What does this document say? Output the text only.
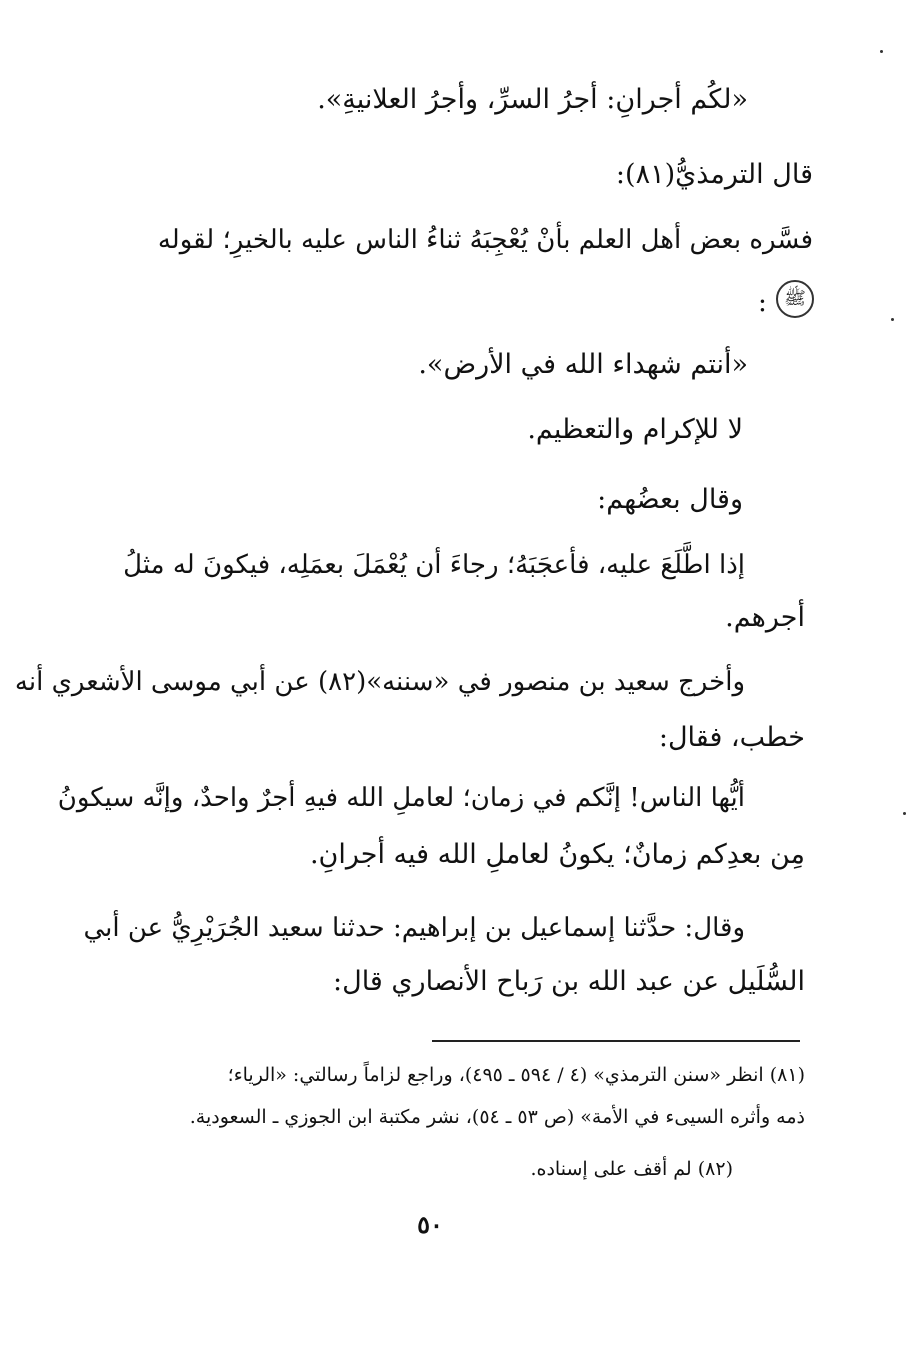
«لكُم أجرانِ: أجرُ السرِّ، وأجرُ العلانيةِ».
قال الترمذيُّ(٨١):
فسَّره بعض أهل العلم بأنْ يُعْجِبَهُ ثناءُ الناس عليه بالخيرِ؛ لقوله
ﷺ
:
«أنتم شهداء الله في الأرض».
لا للإكرام والتعظيم.
وقال بعضُهم:
إذا اطَّلَعَ عليه، فأعجَبَهُ؛ رجاءَ أن يُعْمَلَ بعمَلِه، فيكونَ له مثلُ
أجرهم.
وأخرج سعيد بن منصور في «سننه»(٨٢) عن أبي موسى الأشعري أنه
خطب، فقال:
أيُّها الناس! إنَّكم في زمان؛ لعاملِ الله فيهِ أجرٌ واحدٌ، وإنَّه سيكونُ
مِن بعدِكم زمانٌ؛ يكونُ لعاملِ الله فيه أجرانِ.
وقال: حدَّثنا إسماعيل بن إبراهيم: حدثنا سعيد الجُرَيْرِيُّ عن أبي
السُّلَيل عن عبد الله بن رَباح الأنصاري قال:
(٨١) انظر «سنن الترمذي» (٤ / ٥٩٤ ـ ٤٩٥)، وراجع لزاماً رسالتي: «الرياء؛
ذمه وأثره السيىء في الأمة» (ص ٥٣ ـ ٥٤)، نشر مكتبة ابن الجوزي ـ السعودية.
(٨٢) لم أقف على إسناده.
٥٠
